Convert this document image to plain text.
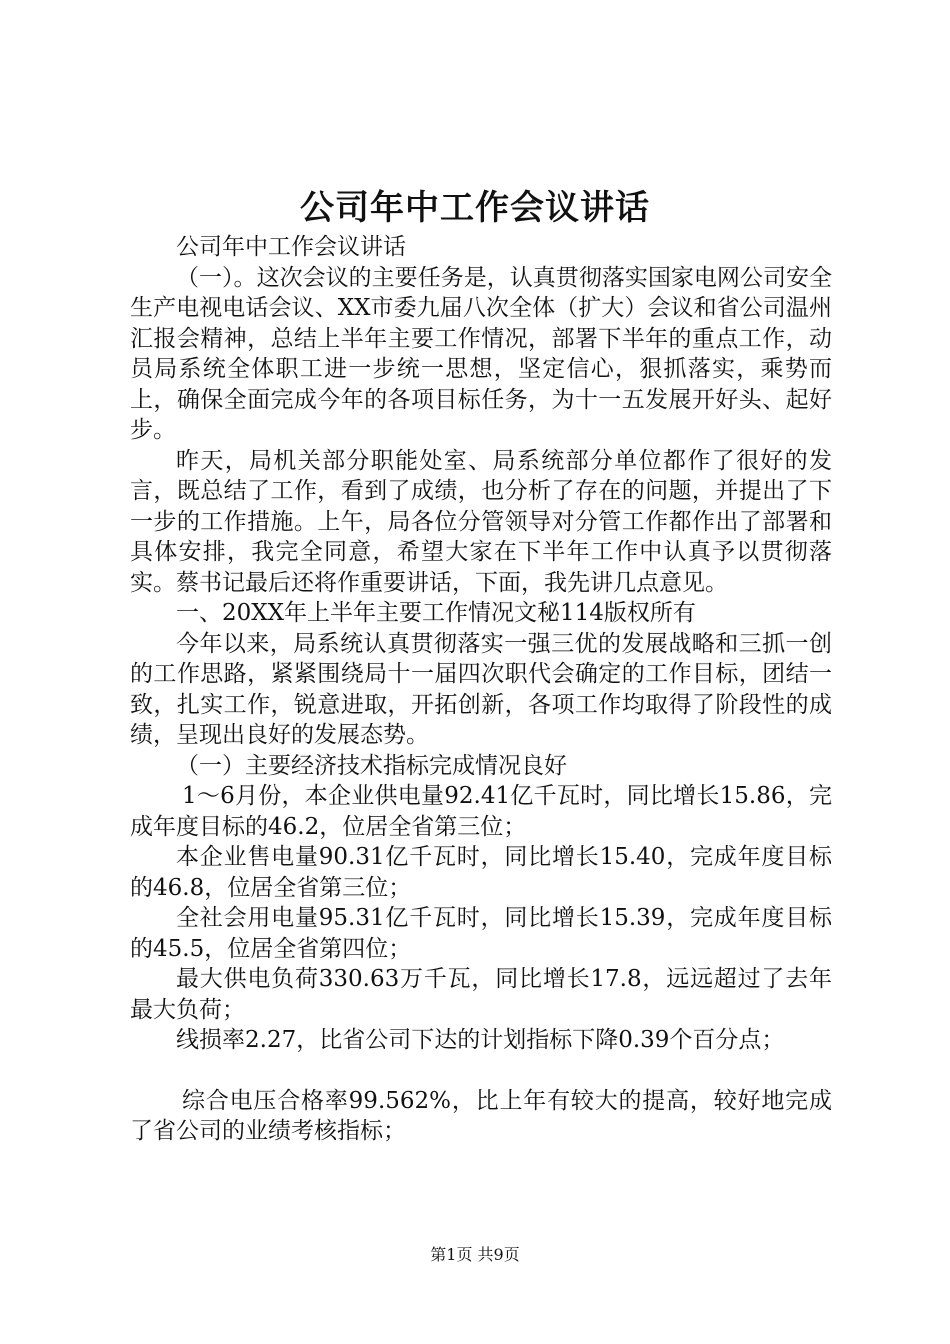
公司年中工作会议讲话

公司年中工作会议讲话

（一）。这次会议的主要任务是，认真贯彻落实国家电网公司安全生产电视电话会议、XX市委九届八次全体（扩大）会议和省公司温州汇报会精神，总结上半年主要工作情况，部署下半年的重点工作，动员局系统全体职工进一步统一思想，坚定信心，狠抓落实，乘势而上，确保全面完成今年的各项目标任务，为十一五发展开好头、起好步。

昨天，局机关部分职能处室、局系统部分单位都作了很好的发言，既总结了工作，看到了成绩，也分析了存在的问题，并提出了下一步的工作措施。上午，局各位分管领导对分管工作都作出了部署和具体安排，我完全同意，希望大家在下半年工作中认真予以贯彻落实。蔡书记最后还将作重要讲话，下面，我先讲几点意见。

一、20XX年上半年主要工作情况文秘114版权所有

今年以来，局系统认真贯彻落实一强三优的发展战略和三抓一创的工作思路，紧紧围绕局十一届四次职代会确定的工作目标，团结一致，扎实工作，锐意进取，开拓创新，各项工作均取得了阶段性的成绩，呈现出良好的发展态势。

（一）主要经济技术指标完成情况良好

1～6月份，本企业供电量92.41亿千瓦时，同比增长15.86，完成年度目标的46.2，位居全省第三位；

本企业售电量90.31亿千瓦时，同比增长15.40，完成年度目标的46.8，位居全省第三位；

全社会用电量95.31亿千瓦时，同比增长15.39，完成年度目标的45.5，位居全省第四位；

最大供电负荷330.63万千瓦，同比增长17.8，远远超过了去年最大负荷；

线损率2.27，比省公司下达的计划指标下降0.39个百分点；

综合电压合格率99.562%，比上年有较大的提高，较好地完成了省公司的业绩考核指标；

第1页 共9页
